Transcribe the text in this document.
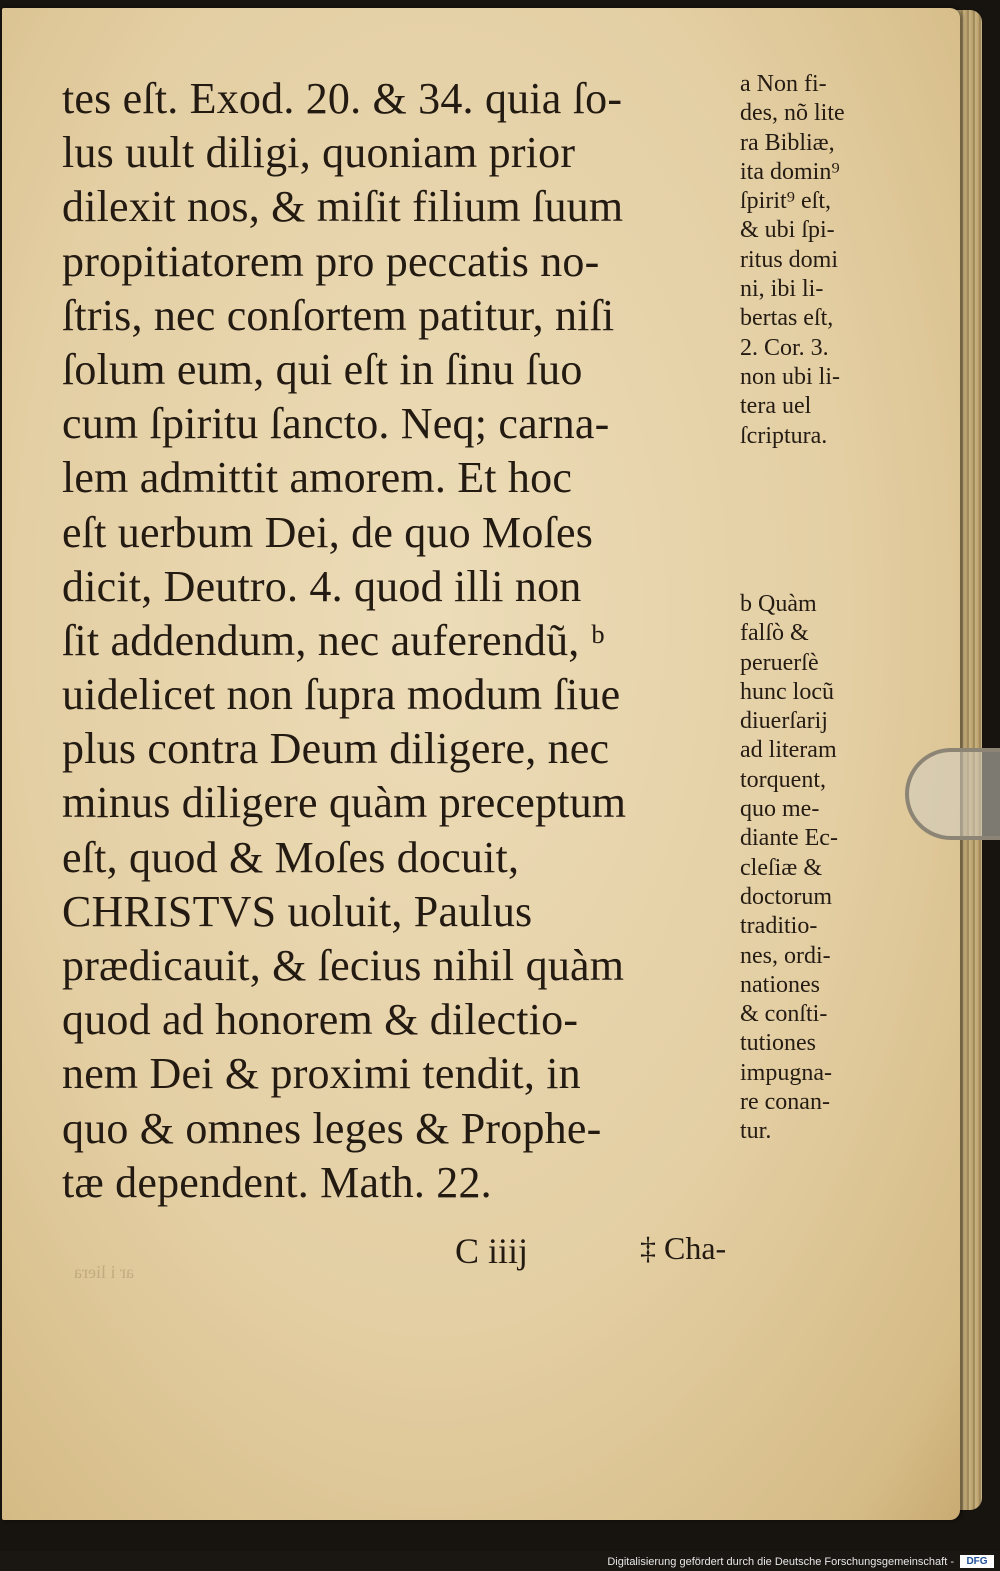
ar i liera
tes eſt. Exod. 20. & 34. quia ſo-
lus uult diligi, quoniam prior
dilexit nos, & miſit filium ſuum
propitiatorem pro peccatis no-
ſtris, nec conſortem patitur, niſi
ſolum eum, qui eſt in ſinu ſuo
cum ſpiritu ſancto. Neq; carna-
lem admittit amorem. Et hoc
eſt uerbum Dei, de quo Moſes
dicit, Deutro. 4. quod illi non
ſit addendum, nec auferendũ, ᵇ
uidelicet non ſupra modum ſiue
plus contra Deum diligere, nec
minus diligere quàm preceptum
eſt, quod & Moſes docuit,
CHRISTVS uoluit, Paulus
prædicauit, & ſecius nihil quàm
quod ad honorem & dilectio-
nem Dei & proximi tendit, in
quo & omnes leges & Prophe-
tæ dependent. Math. 22.
a Non fi-
des, nõ lite
ra Bibliæ,
ita domin⁹
ſpirit⁹ eſt,
& ubi ſpi-
ritus domi
ni, ibi li-
bertas eſt,
2. Cor. 3.
non ubi li-
tera uel
ſcriptura.
b Quàm
falſò &
peruerſè
hunc locũ
diuerſarij
ad literam
torquent,
quo me-
diante Ec-
cleſiæ &
doctorum
traditio-
nes, ordi-
nationes
& conſti-
tutiones
impugna-
re conan-
tur.
C iiij	‡ Cha-
Digitalisierung gefördert durch die Deutsche Forschungsgemeinschaft -	DFG
